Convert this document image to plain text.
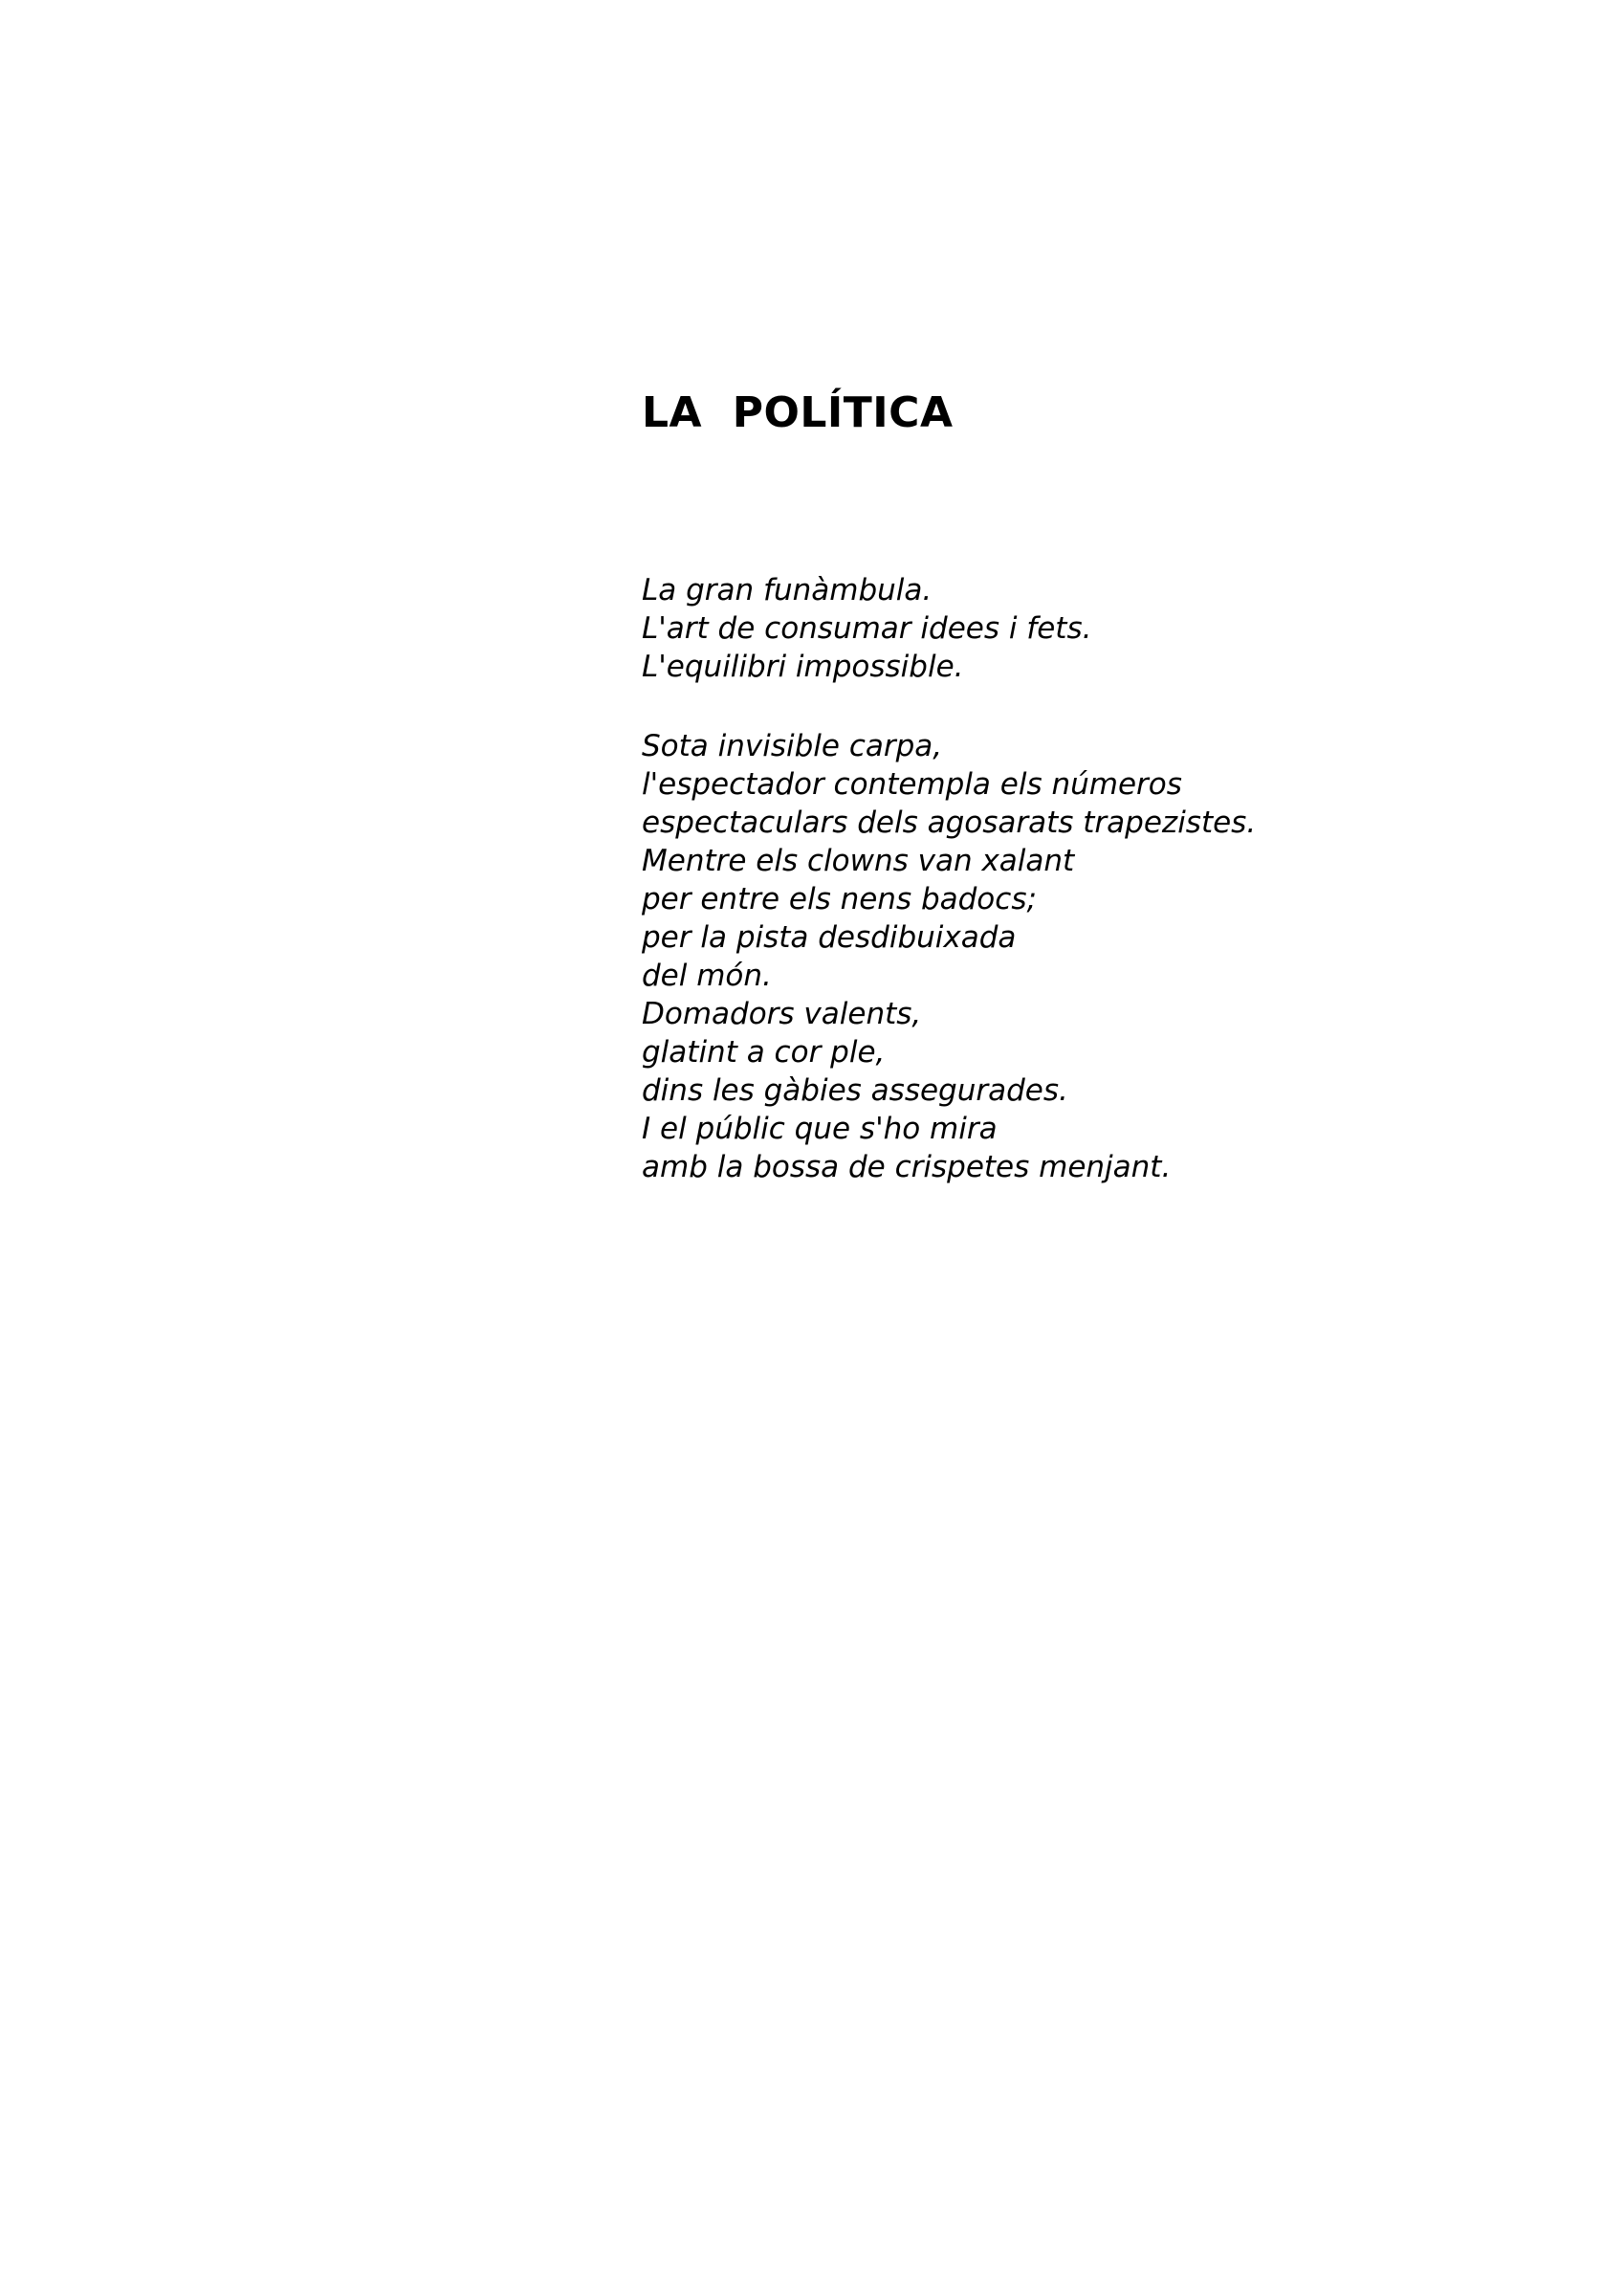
LA  POLÍTICA
La gran funàmbula.
L'art de consumar idees i fets.
L'equilibri impossible.
Sota invisible carpa,
l'espectador contempla els números
espectaculars dels agosarats trapezistes.
Mentre els clowns van xalant
per entre els nens badocs;
per la pista desdibuixada
del món.
Domadors valents,
glatint a cor ple,
dins les gàbies assegurades.
I el públic que s'ho mira
amb la bossa de crispetes menjant.
